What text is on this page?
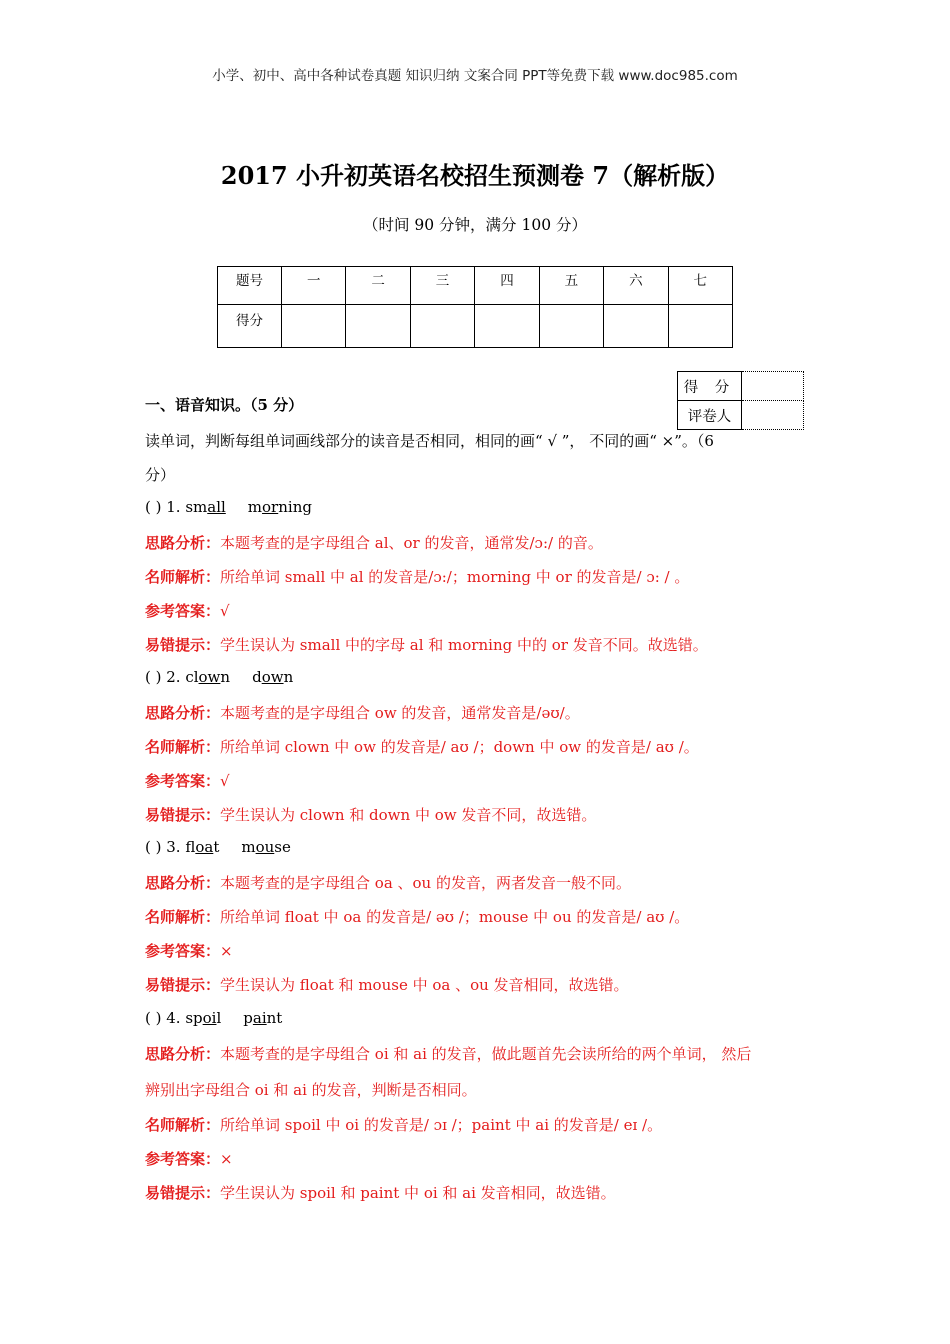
小学、初中、高中各种试卷真题 知识归纳 文案合同 PPT等免费下载 www.doc985.com
2017 小升初英语名校招生预测卷 7（解析版）
（时间 90 分钟，满分 100 分）
题号	一	二	三	四	五	六	七
得分							
得 分	
评卷人	
一、语音知识。（5 分）
读单词，判断每组单词画线部分的读音是否相同，相同的画“ √ ”， 不同的画“ ×”。（6
分）
( ) 1. small morning
思路分析：本题考查的是字母组合 al、or 的发音，通常发/ɔ:/ 的音。
名师解析：所给单词 small 中 al 的发音是/ɔ:/；morning 中 or 的发音是/ ɔ: / 。
参考答案：√
易错提示：学生误认为 small 中的字母 al 和 morning 中的 or 发音不同。故选错。
( ) 2. clown down
思路分析：本题考查的是字母组合 ow 的发音，通常发音是/əʊ/。
名师解析：所给单词 clown 中 ow 的发音是/ aʊ /；down 中 ow 的发音是/ aʊ /。
参考答案：√
易错提示：学生误认为 clown 和 down 中 ow 发音不同，故选错。
( ) 3. float mouse
思路分析：本题考查的是字母组合 oa 、ou 的发音，两者发音一般不同。
名师解析：所给单词 float 中 oa 的发音是/ əʊ /；mouse 中 ou 的发音是/ aʊ /。
参考答案：×
易错提示：学生误认为 float 和 mouse 中 oa 、ou 发音相同，故选错。
( ) 4. spoil paint
思路分析：本题考查的是字母组合 oi 和 ai 的发音，做此题首先会读所给的两个单词， 然后
辨别出字母组合 oi 和 ai 的发音，判断是否相同。
名师解析：所给单词 spoil 中 oi 的发音是/ ɔɪ /；paint 中 ai 的发音是/ eɪ /。
参考答案：×
易错提示：学生误认为 spoil 和 paint 中 oi 和 ai 发音相同，故选错。
